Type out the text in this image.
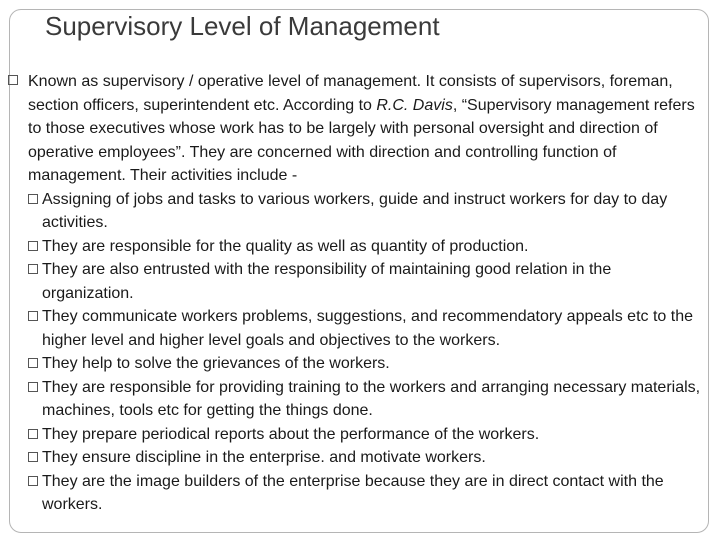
Supervisory Level of Management

Known as supervisory / operative level of management. It consists of supervisors, foreman, section officers, superintendent etc. According to R.C. Davis, “Supervisory management refers to those executives whose work has to be largely with personal oversight and direction of operative employees”. They are concerned with direction and controlling function of management. Their activities include -

Assigning of jobs and tasks to various workers, guide and instruct workers for day to day activities.
They are responsible for the quality as well as quantity of production.
They are also entrusted with the responsibility of maintaining good relation in the organization.
They communicate workers problems, suggestions, and recommendatory appeals etc to the higher level and higher level goals and objectives to the workers.
They help to solve the grievances of the workers.
They are responsible for providing training to the workers and arranging necessary materials, machines, tools etc for getting the things done.
They prepare periodical reports about the performance of the workers.
They ensure discipline in the enterprise. and motivate workers.
They are the image builders of the enterprise because they are in direct contact with the workers.
